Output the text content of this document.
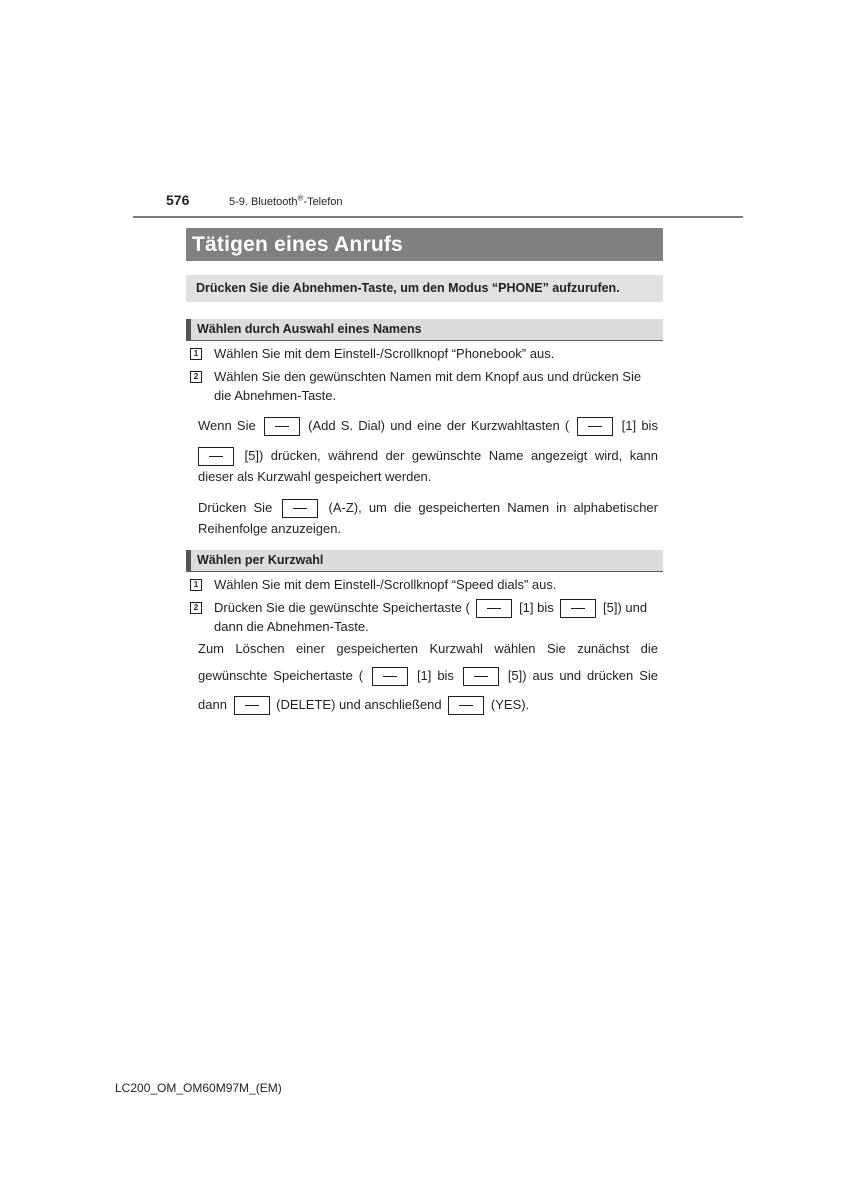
576	5-9. Bluetooth®-Telefon
Tätigen eines Anrufs
Drücken Sie die Abnehmen-Taste, um den Modus “PHONE” aufzurufen.
Wählen durch Auswahl eines Namens
1 Wählen Sie mit dem Einstell-/Scrollknopf “Phonebook” aus.
2 Wählen Sie den gewünschten Namen mit dem Knopf aus und drücken Sie
die Abnehmen-Taste.
Wenn Sie	(Add S. Dial) und eine der Kurzwahltasten (	[1] bis
[5]) drücken, während der gewünschte Name angezeigt wird, kann
dieser als Kurzwahl gespeichert werden.
Drücken Sie	(A-Z), um die gespeicherten Namen in alphabetischer
Reihenfolge anzuzeigen.
Wählen per Kurzwahl
1 Wählen Sie mit dem Einstell-/Scrollknopf “Speed dials” aus.
2 Drücken Sie die gewünschte Speichertaste (	[1] bis	[5]) und
dann die Abnehmen-Taste.
Zum Löschen einer gespeicherten Kurzwahl wählen Sie zunächst die
gewünschte Speichertaste (	[1] bis	[5]) aus und drücken Sie
dann	(DELETE) und anschließend	(YES).
LC200_OM_OM60M97M_(EM)
